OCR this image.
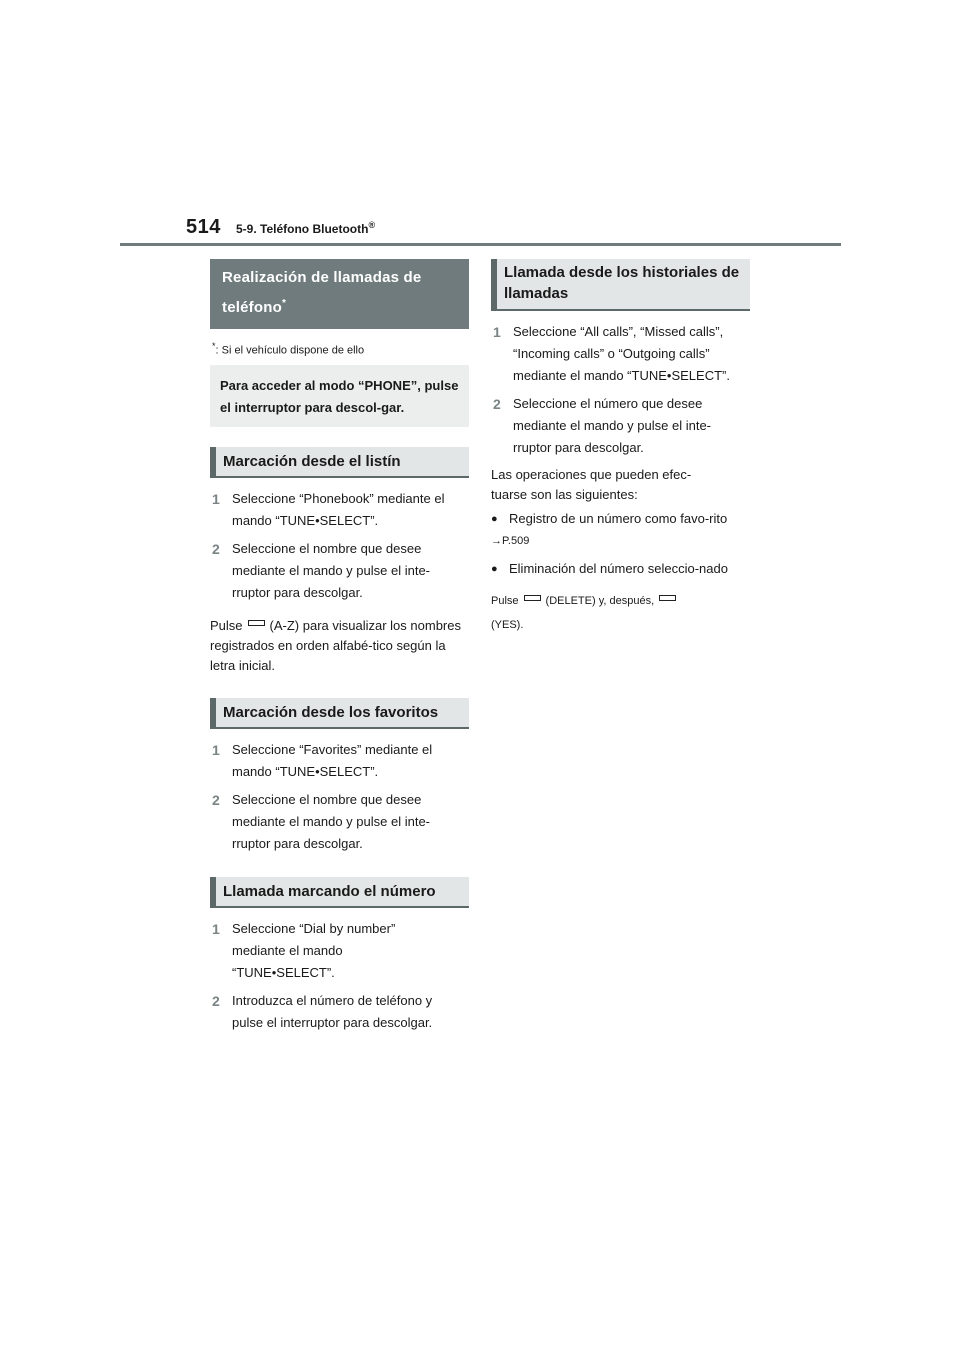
514 5-9. Teléfono Bluetooth®
Realización de llamadas de teléfono*
*: Si el vehículo dispone de ello
Para acceder al modo “PHONE”, pulse el interruptor para descol-gar.
Marcación desde el listín
1 Seleccione “Phonebook” mediante el mando “TUNE•SELECT”.
2 Seleccione el nombre que desee mediante el mando y pulse el inte-rruptor para descolgar.
Pulse (A-Z) para visualizar los nombres registrados en orden alfabé-tico según la letra inicial.
Marcación desde los favoritos
1 Seleccione “Favorites” mediante el mando “TUNE•SELECT”.
2 Seleccione el nombre que desee mediante el mando y pulse el inte-rruptor para descolgar.
Llamada marcando el número
1 Seleccione “Dial by number” mediante el mando “TUNE•SELECT”.
2 Introduzca el número de teléfono y pulse el interruptor para descolgar.
Llamada desde los historiales de llamadas
1 Seleccione “All calls”, “Missed calls”, “Incoming calls” o “Outgoing calls” mediante el mando “TUNE•SELECT”.
2 Seleccione el número que desee mediante el mando y pulse el inte-rruptor para descolgar.
Las operaciones que pueden efec-tuarse son las siguientes:
● Registro de un número como favo-rito
→P.509
● Eliminación del número seleccio-nado
Pulse (DELETE) y, después,
(YES).
